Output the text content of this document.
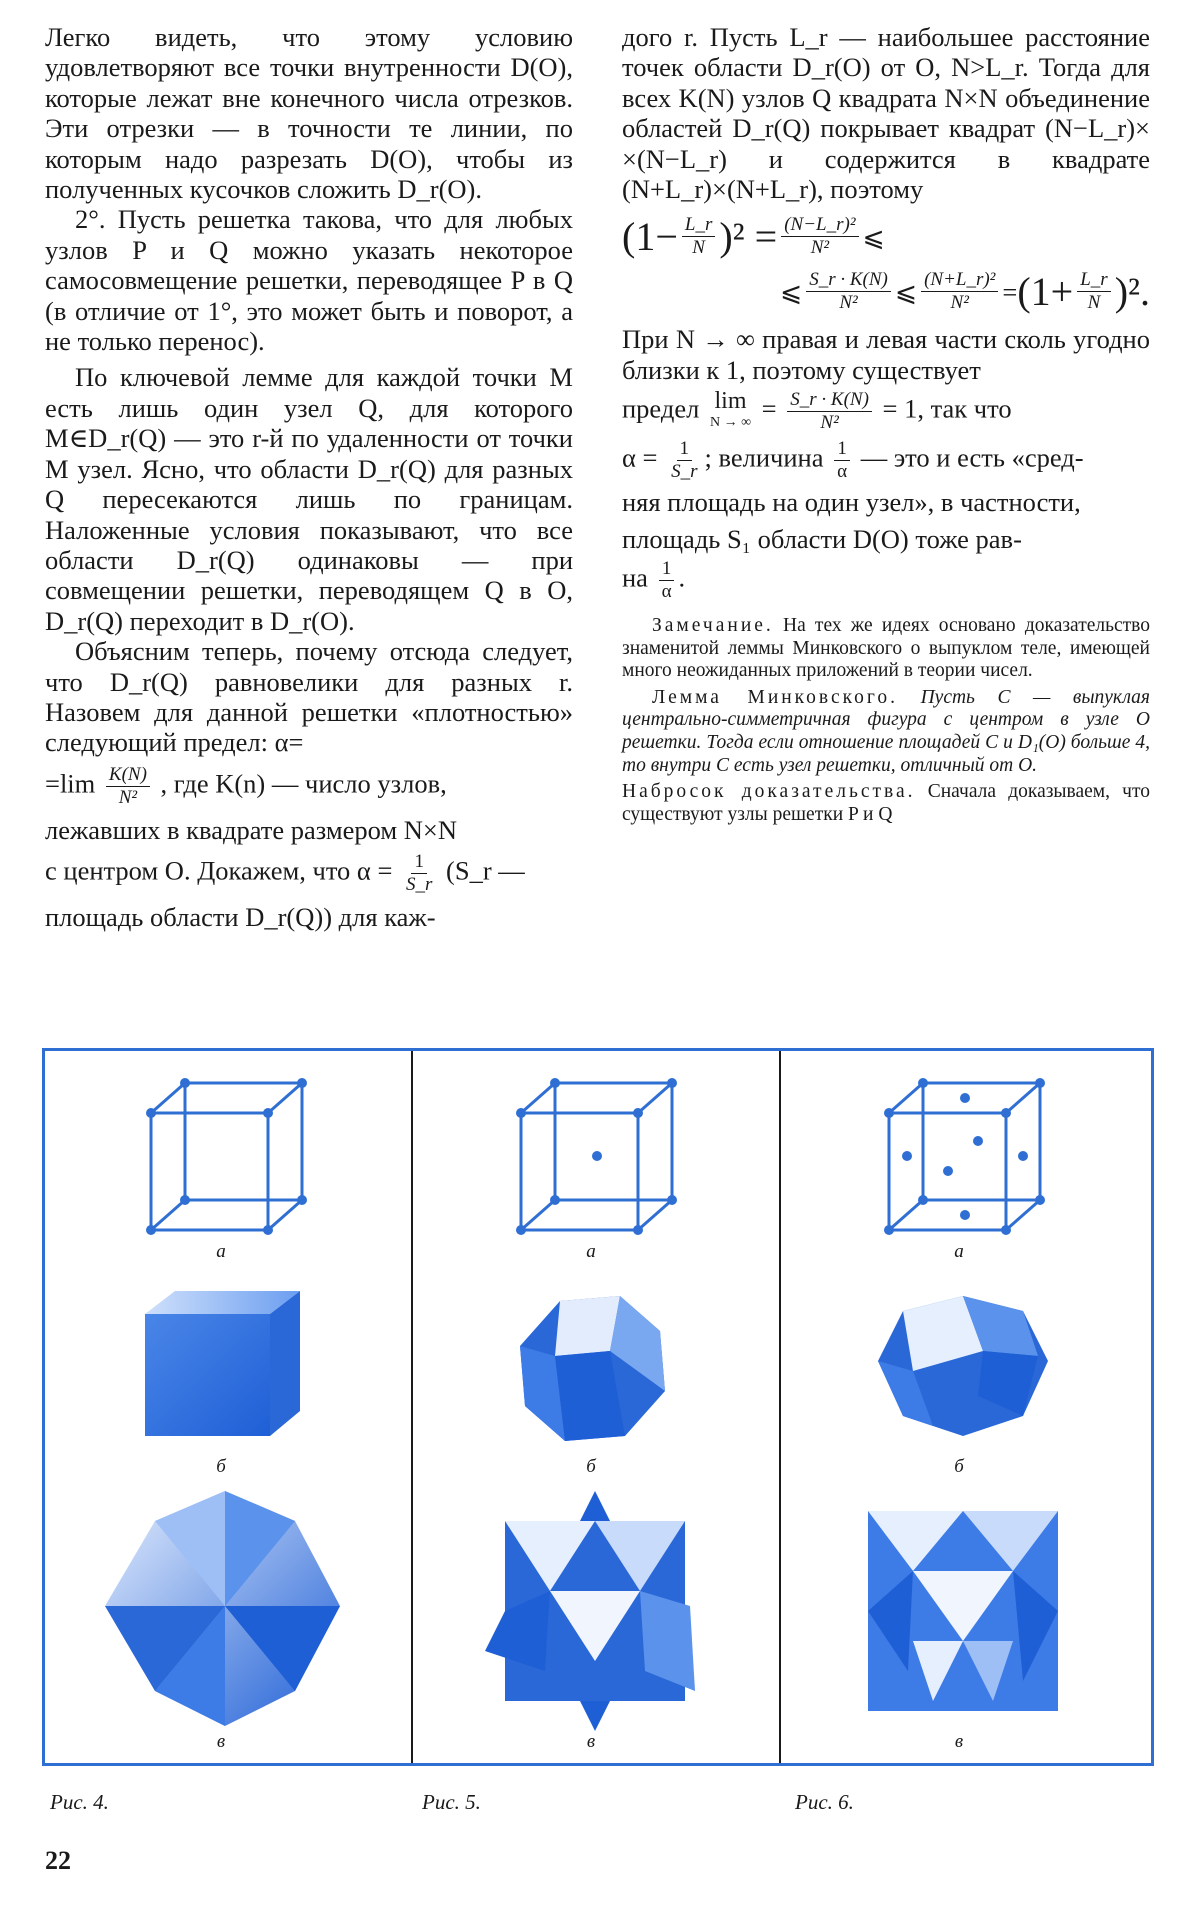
Легко видеть, что этому условию удовлетворяют все точки внутренности D(O), которые лежат вне конечного числа отрезков. Эти отрезки — в точности те линии, по которым надо разрезать D(O), чтобы из полученных кусочков сложить D_r(O).

2°. Пусть решетка такова, что для любых узлов P и Q можно указать некоторое самосовмещение решетки, переводящее P в Q (в отличие от 1°, это может быть и поворот, а не только перенос).

По ключевой лемме для каждой точки M есть лишь один узел Q, для которого M∈D_r(Q) — это r-й по удаленности от точки M узел. Ясно, что области D_r(Q) для разных Q пересекаются лишь по границам. Наложенные условия показывают, что все области D_r(Q) одинаковы — при совмещении решетки, переводящем Q в O, D_r(Q) переходит в D_r(O).

Объясним теперь, почему отсюда следует, что D_r(Q) равновелики для разных r. Назовем для данной решетки «плотностью» следующий предел: α=

$=\lim \frac{K(N)}{\text{N²}}$ , где K(n) — число узлов,

лежавших в квадрате размером N×N

с центром O. Докажем, что $\alpha = \frac{1}{S\_r}$ (S_r —

площадь области D_r(Q)) для каж-

дого r. Пусть L_r — наибольшее расстояние точек области D_r(O) от O, N>L_r. Тогда для всех K(N) узлов Q квадрата N×N объединение областей D_r(Q) покрывает квадрат (N−L_r)× ×(N−L_r) и содержится в квадрате (N+L_r)×(N+L_r), поэтому

$(1- \frac{L\_r}{N} )^2 = \frac{\text{(N−L\_r)²}}{\text{N²}}$ ⩽
⩽ $\frac{S\_r \cdot K(N)}{\text{N²}}$ ⩽ $\frac{\text{(N+L\_r)²}}{\text{N²}} = (1+ \frac{L\_r}{N} )^2$.

При N → ∞ правая и левая части сколь угодно близки к 1, поэтому существует

предел lim
N → ∞ = $\frac{S\_r \cdot K(N)}{\text{N²}} = 1$, так что

$\alpha = \frac{1}{S\_r}$ ; величина $\frac{1}{\alpha}$ — это и есть «сред-

няя площадь на один узел», в частности,

площадь S₁ области D(O) тоже рав-

на $\frac{1}{\alpha}$ .

Замечание. На тех же идеях основано доказательство знаменитой леммы Минковского о выпуклом теле, имеющей много неожиданных приложений в теории чисел.

Лемма Минковского. Пусть C — выпуклая центрально-симметричная фигура с центром в узле O решетки. Тогда если отношение площадей C и D₁(O) больше 4, то внутри C есть узел решетки, отличный от O.

Набросок доказательства. Сначала доказываем, что существуют узлы решетки P и Q

а
б
в
а
б
в
а
б
в
Рис. 4.	Рис. 5.	Рис. 6.
22
